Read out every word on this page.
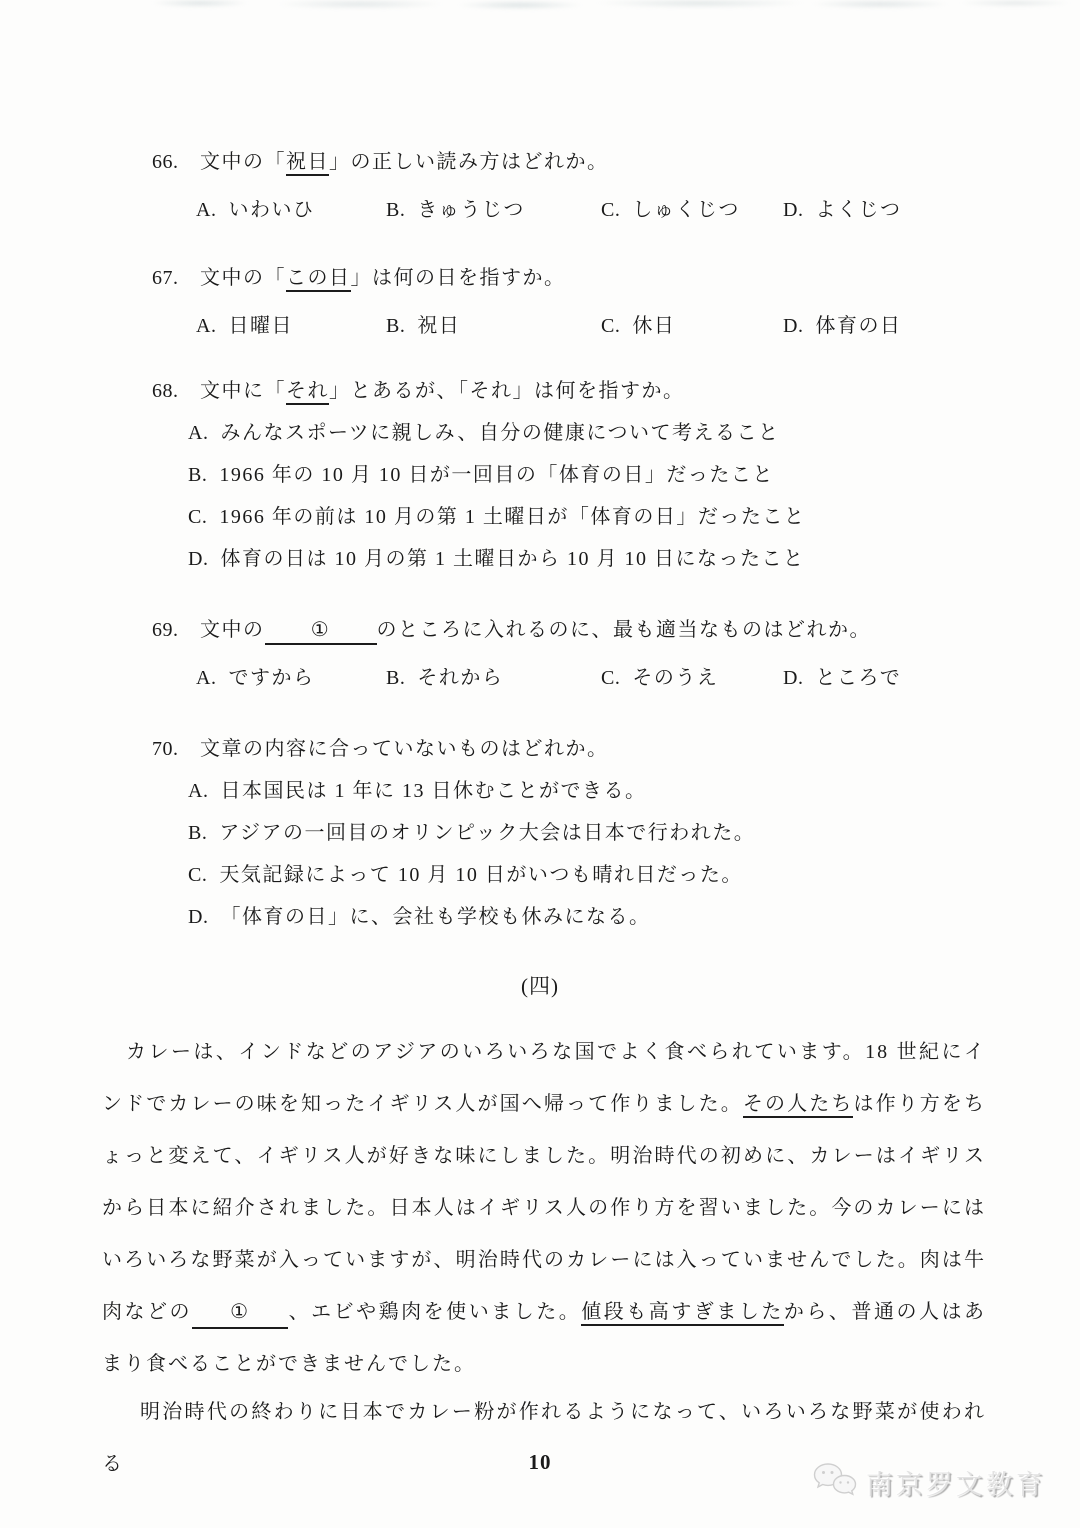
66.	文中の「祝日」の正しい読み方はどれか。
A. いわいひ	B. きゅうじつ	C. しゅくじつ D. よくじつ
67.	文中の「この日」は何の日を指すか。
A. 日曜日	B. 祝日	C. 休日	D. 体育の日
68.	文中に「それ」とあるが、「それ」は何を指すか。
A. みんなスポーツに親しみ、自分の健康について考えること
B. 1966 年の 10 月 10 日が一回目の「体育の日」だったこと
C. 1966 年の前は 10 月の第 1 土曜日が「体育の日」だったこと
D. 体育の日は 10 月の第 1 土曜日から 10 月 10 日になったこと
69.	文中の ① のところに入れるのに、最も適当なものはどれか。
A. ですから	B. それから	C. そのうえ	D. ところで
70.	文章の内容に合っていないものはどれか。
A. 日本国民は 1 年に 13 日休むことができる。
B. アジアの一回目のオリンピック大会は日本で行われた。
C. 天気記録によって 10 月 10 日がいつも晴れ日だった。
D. 「体育の日」に、会社も学校も休みになる。
(四)

カレーは、インドなどのアジアのいろいろな国でよく食べられています。18 世紀にインドでカレーの味を知ったイギリス人が国へ帰って作りました。その人たちは作り方をちょっと変えて、イギリス人が好きな味にしました。明治時代の初めに、カレーはイギリスから日本に紹介されました。日本人はイギリス人の作り方を習いました。今のカレーにはいろいろな野菜が入っていますが、明治時代のカレーには入っていませんでした。肉は牛肉などの ① 、エビや鶏肉を使いました。値段も高すぎましたから、普通の人はあまり食べることができませんでした。

明治時代の終わりに日本でカレー粉が作れるようになって、いろいろな野菜が使われる	10
南京罗文教育
